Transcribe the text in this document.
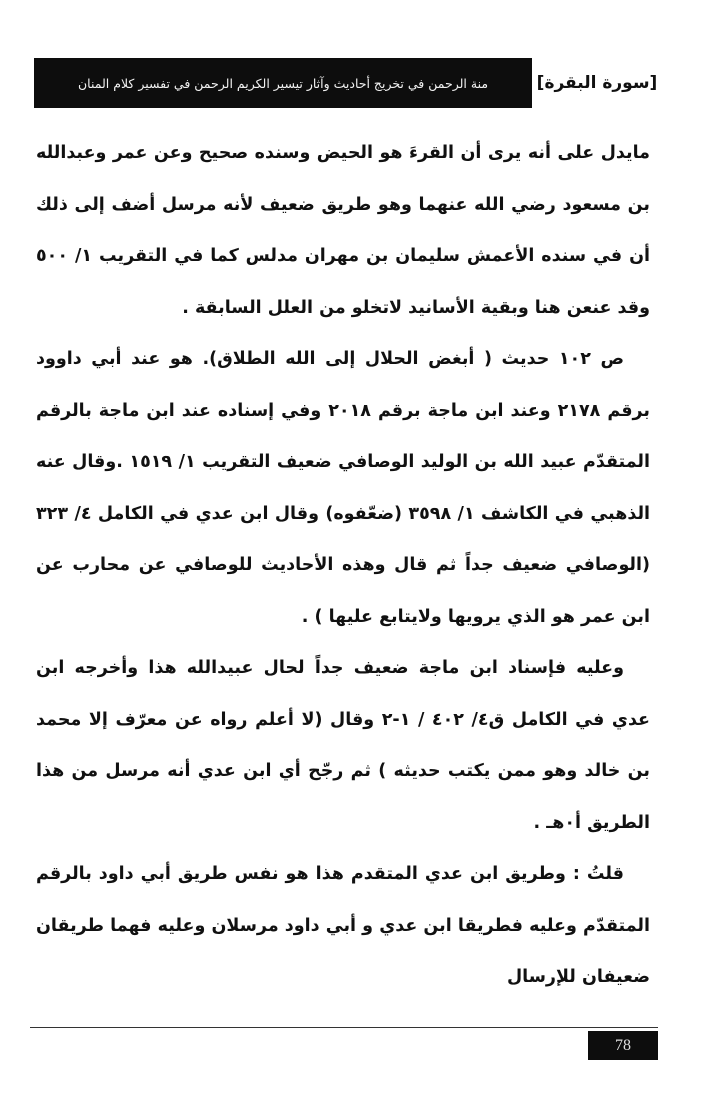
منة الرحمن في تخريج أحاديث وآثار تيسير الكريم الرحمن في تفسير كلام المنان	[سورة البقرة]

مايدل على أنه يرى أن القرءَ هو الحيض وسنده صحيح وعن عمر وعبدالله بن مسعود رضي الله عنهما وهو طريق ضعيف لأنه مرسل أضف إلى ذلك أن في سنده الأعمش سليمان بن مهران مدلس كما في التقريب ١/ ٥٠٠ وقد عنعن هنا وبقية الأسانيد لاتخلو من العلل السابقة .

ص ١٠٢ حديث ( أبغض الحلال إلى الله الطلاق). هو عند أبي داوود برقم ٢١٧٨ وعند ابن ماجة برقم ٢٠١٨ وفي إسناده عند ابن ماجة بالرقم المتقدّم عبيد الله بن الوليد الوصافي ضعيف التقريب ١/ ١٥١٩ .وقال عنه الذهبي في الكاشف ١/ ٣٥٩٨ (ضعّفوه) وقال ابن عدي في الكامل ٤/ ٣٢٣ (الوصافي ضعيف جداً ثم قال وهذه الأحاديث للوصافي عن محارب عن ابن عمر هو الذي يرويها ولايتابع عليها ) .

وعليه فإسناد ابن ماجة ضعيف جداً لحال عبيدالله هذا وأخرجه ابن عدي في الكامل ق٤/ ٤٠٢ / ١-٢ وقال (لا أعلم رواه عن معرّف إلا محمد بن خالد وهو ممن يكتب حديثه ) ثم رجّح أي ابن عدي أنه مرسل من هذا الطريق أ٠هـ .

قلتُ : وطريق ابن عدي المتقدم هذا هو نفس طريق أبي داود بالرقم المتقدّم وعليه فطريقا ابن عدي و أبي داود مرسلان وعليه فهما طريقان ضعيفان للإرسال

78
